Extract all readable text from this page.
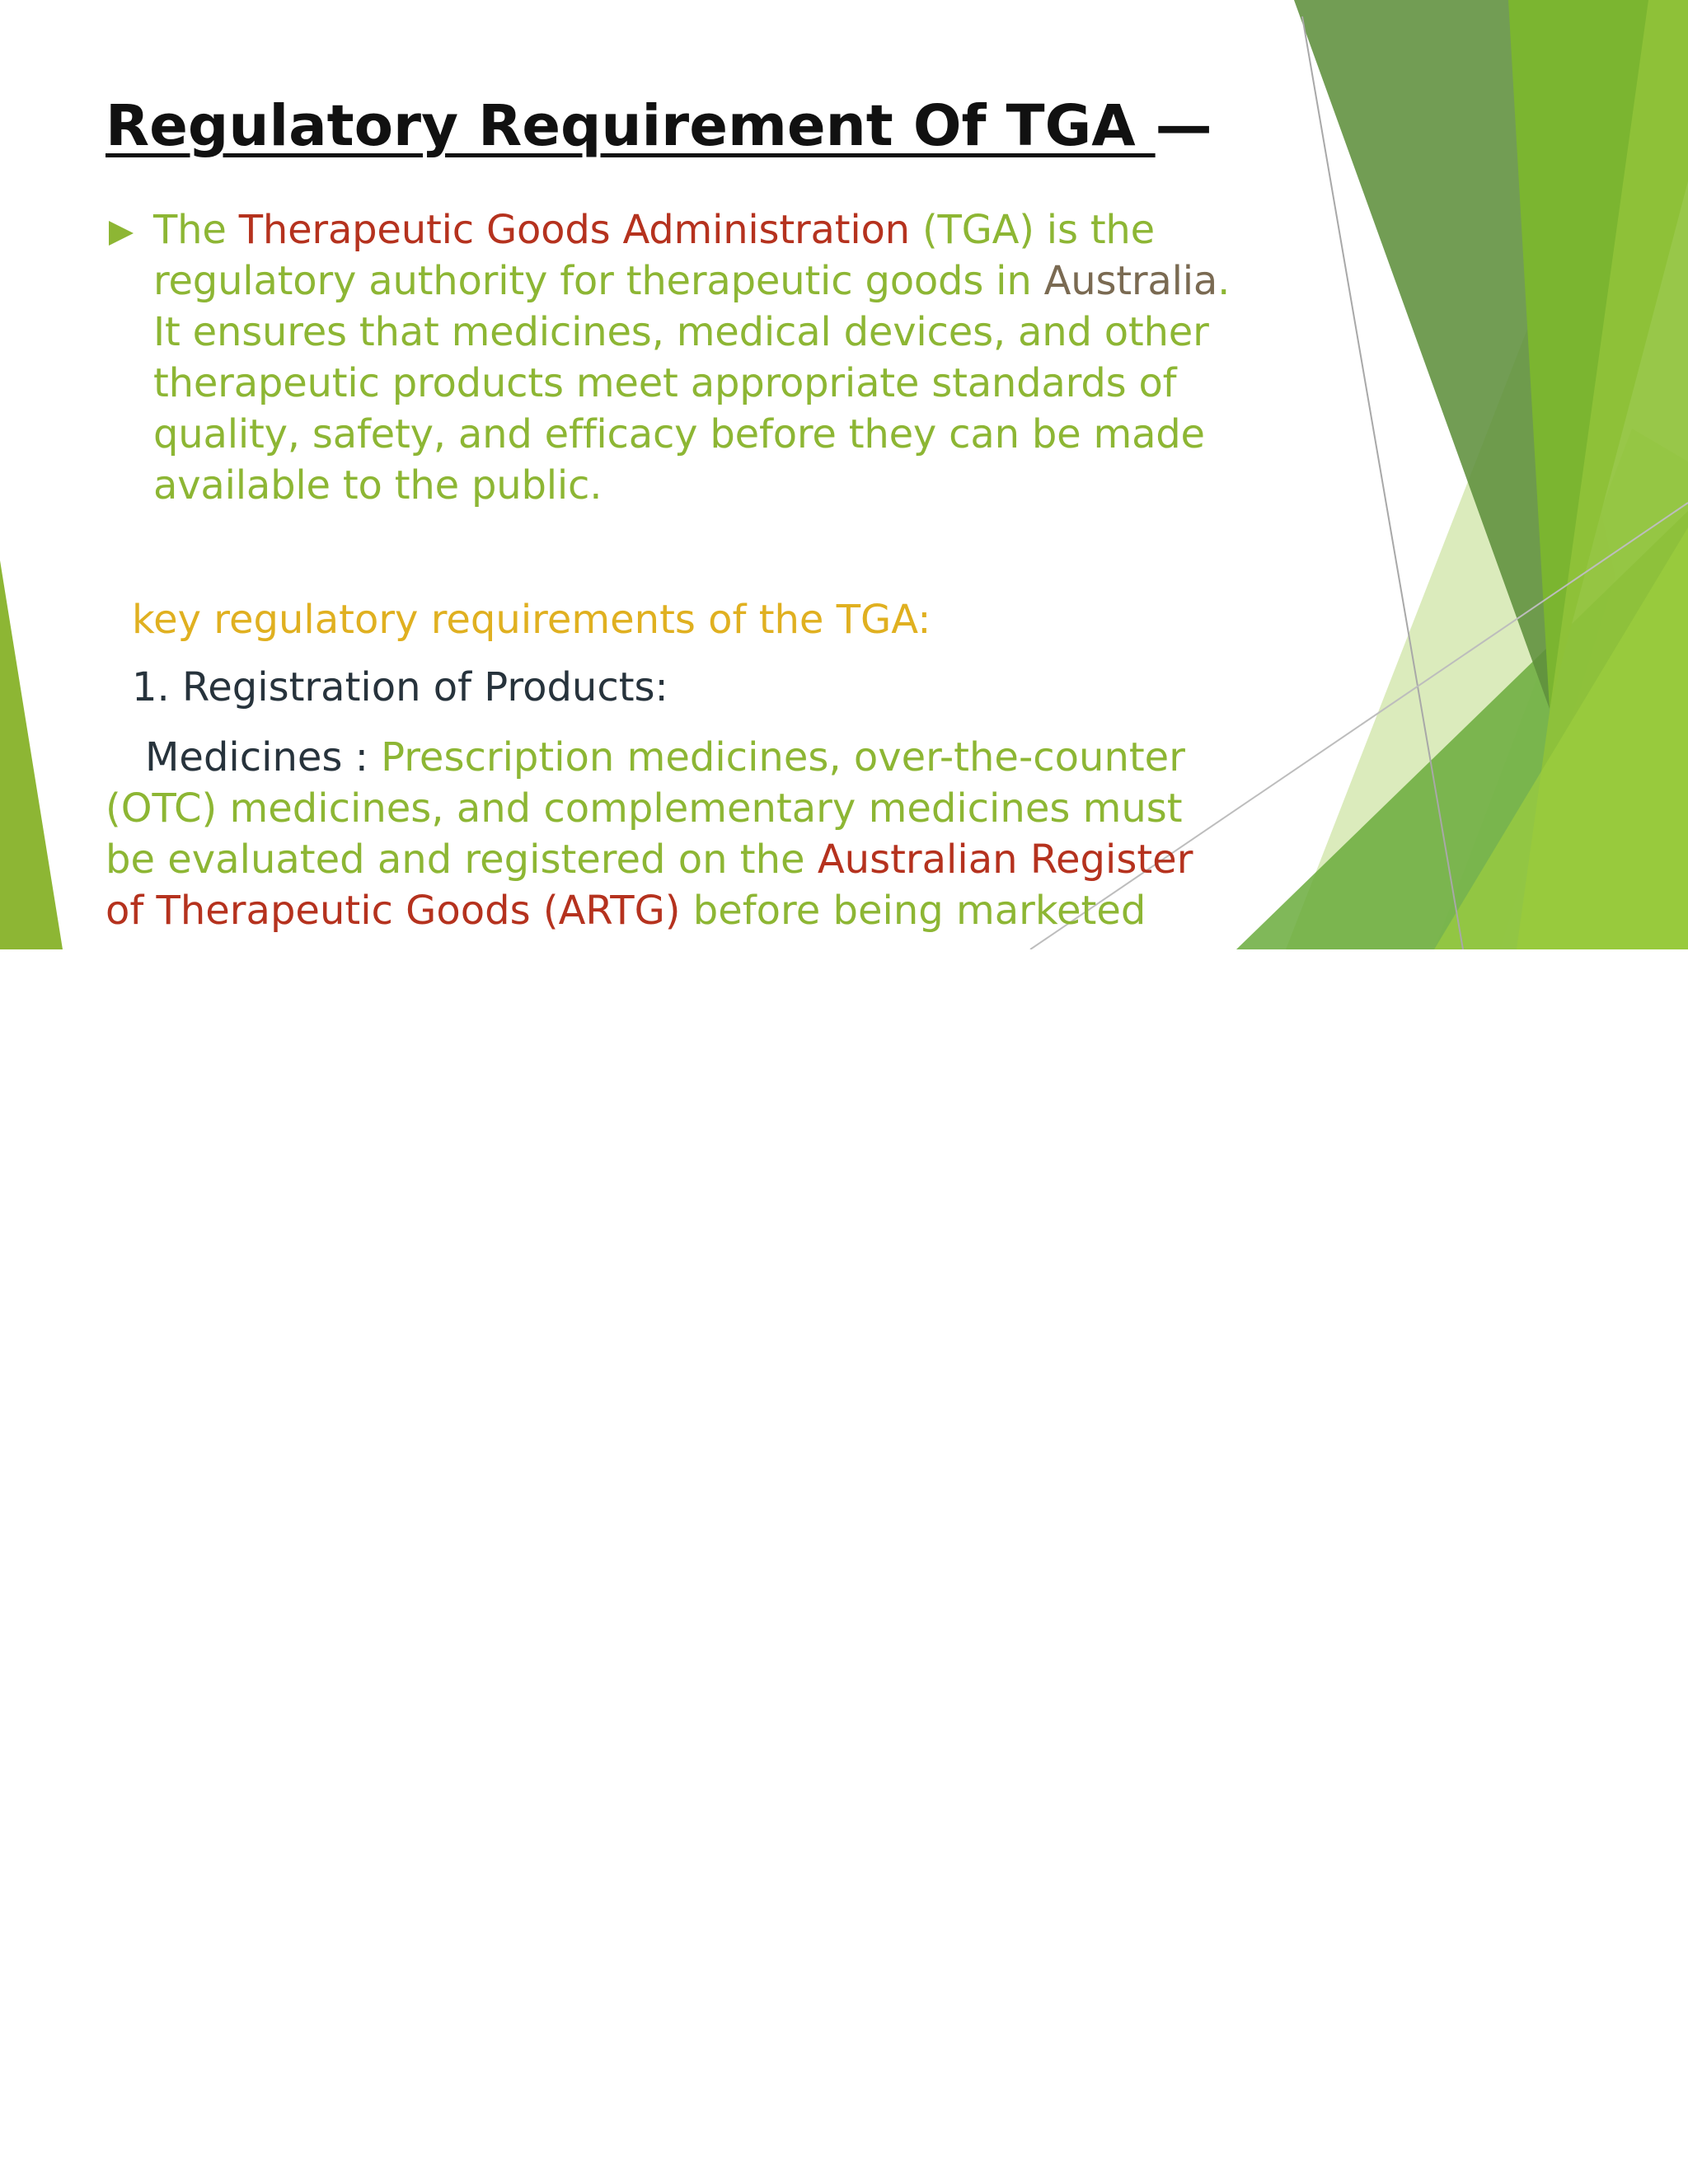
Regulatory Requirement Of TGA —

The Therapeutic Goods Administration (TGA) is the regulatory authority for therapeutic goods in Australia. It ensures that medicines, medical devices, and other therapeutic products meet appropriate standards of quality, safety, and efficacy before they can be made available to the public.

key regulatory requirements of the TGA:

1. Registration of Products:

Medicines : Prescription medicines, over-the-counter (OTC) medicines, and complementary medicines must be evaluated and registered on the Australian Register of Therapeutic Goods (ARTG) before being marketed
